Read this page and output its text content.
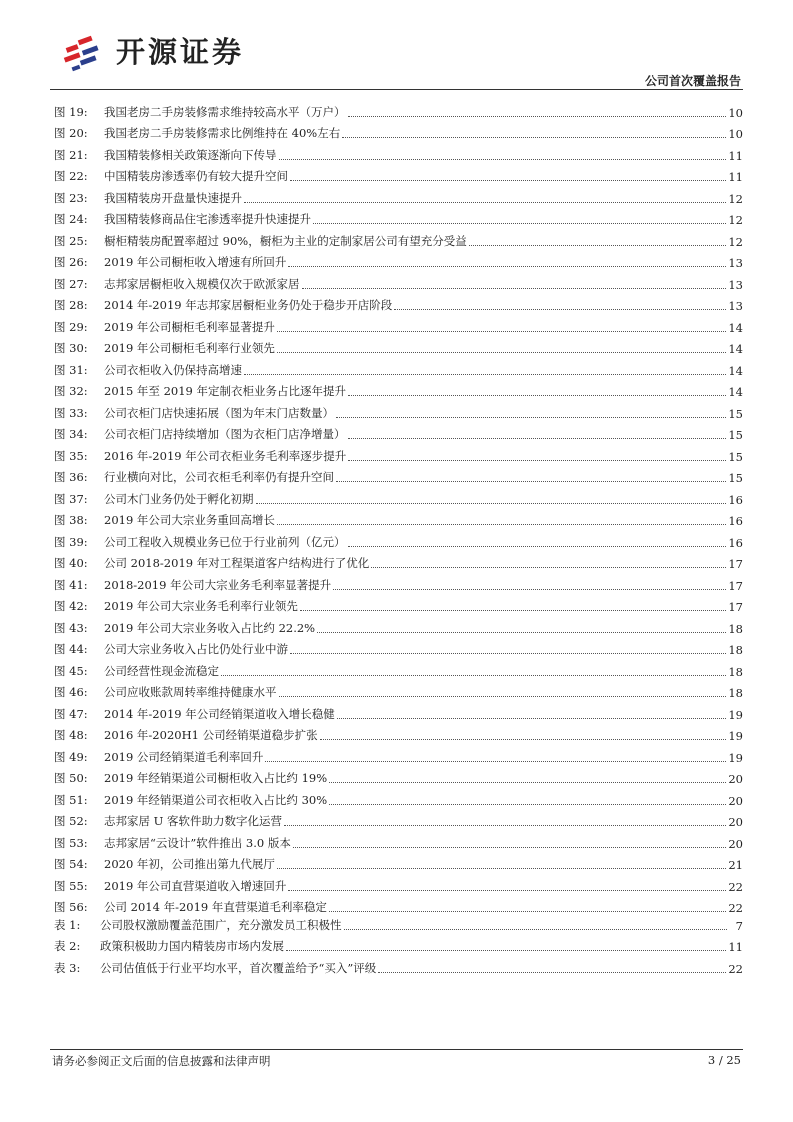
开源证券
公司首次覆盖报告
图 19:	我国老房二手房装修需求维持较高水平（万户）	10
图 20:	我国老房二手房装修需求比例维持在 40%左右	10
图 21:	我国精装修相关政策逐渐向下传导	11
图 22:	中国精装房渗透率仍有较大提升空间	11
图 23:	我国精装房开盘量快速提升	12
图 24:	我国精装修商品住宅渗透率提升快速提升	12
图 25:	橱柜精装房配置率超过 90%，橱柜为主业的定制家居公司有望充分受益	12
图 26:	2019 年公司橱柜收入增速有所回升	13
图 27:	志邦家居橱柜收入规模仅次于欧派家居	13
图 28:	2014 年-2019 年志邦家居橱柜业务仍处于稳步开店阶段	13
图 29:	2019 年公司橱柜毛利率显著提升	14
图 30:	2019 年公司橱柜毛利率行业领先	14
图 31:	公司衣柜收入仍保持高增速	14
图 32:	2015 年至 2019 年定制衣柜业务占比逐年提升	14
图 33:	公司衣柜门店快速拓展（图为年末门店数量）	15
图 34:	公司衣柜门店持续增加（图为衣柜门店净增量）	15
图 35:	2016 年-2019 年公司衣柜业务毛利率逐步提升	15
图 36:	行业横向对比，公司衣柜毛利率仍有提升空间	15
图 37:	公司木门业务仍处于孵化初期	16
图 38:	2019 年公司大宗业务重回高增长	16
图 39:	公司工程收入规模业务已位于行业前列（亿元）	16
图 40:	公司 2018-2019 年对工程渠道客户结构进行了优化	17
图 41:	2018-2019 年公司大宗业务毛利率显著提升	17
图 42:	2019 年公司大宗业务毛利率行业领先	17
图 43:	2019 年公司大宗业务收入占比约 22.2%	18
图 44:	公司大宗业务收入占比仍处行业中游	18
图 45:	公司经营性现金流稳定	18
图 46:	公司应收账款周转率维持健康水平	18
图 47:	2014 年-2019 年公司经销渠道收入增长稳健	19
图 48:	2016 年-2020H1 公司经销渠道稳步扩张	19
图 49:	2019 公司经销渠道毛利率回升	19
图 50:	2019 年经销渠道公司橱柜收入占比约 19%	20
图 51:	2019 年经销渠道公司衣柜收入占比约 30%	20
图 52:	志邦家居 U 客软件助力数字化运营	20
图 53:	志邦家居“云设计”软件推出 3.0 版本	20
图 54:	2020 年初，公司推出第九代展厅	21
图 55:	2019 年公司直营渠道收入增速回升	22
图 56:	公司 2014 年-2019 年直营渠道毛利率稳定	22
表 1:	公司股权激励覆盖范围广，充分激发员工积极性	7
表 2:	政策积极助力国内精装房市场内发展	11
表 3:	公司估值低于行业平均水平，首次覆盖给予“买入”评级	22
请务必参阅正文后面的信息披露和法律声明	3 / 25
